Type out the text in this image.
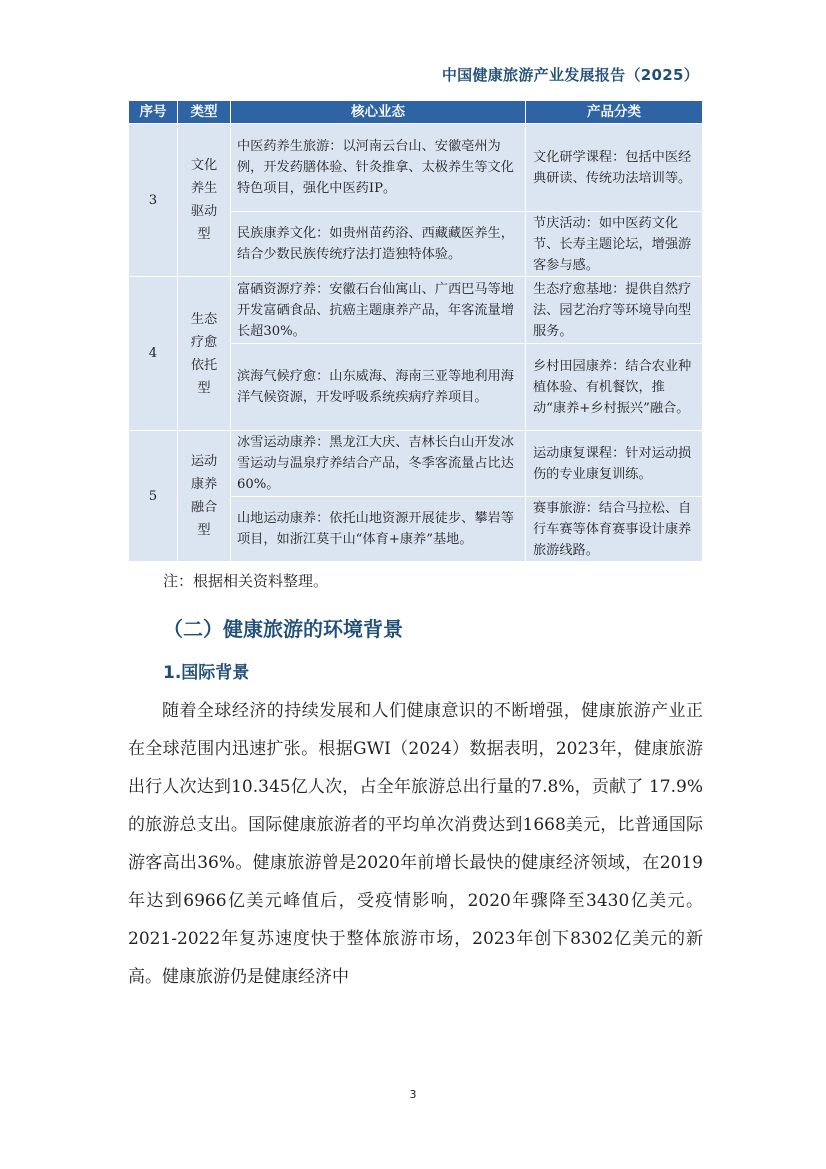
中国健康旅游产业发展报告（2025）
序号	类型	核心业态	产品分类
3	文化养生驱动型	中医药养生旅游：以河南云台山、安徽亳州为例，开发药膳体验、针灸推拿、太极养生等文化特色项目，强化中医药IP。	文化研学课程：包括中医经典研读、传统功法培训等。
		民族康养文化：如贵州苗药浴、西藏藏医养生，结合少数民族传统疗法打造独特体验。	节庆活动：如中医药文化节、长寿主题论坛，增强游客参与感。
4	生态疗愈依托型	富硒资源疗养：安徽石台仙寓山、广西巴马等地开发富硒食品、抗癌主题康养产品，年客流量增长超30%。	生态疗愈基地：提供自然疗法、园艺治疗等环境导向型服务。
		滨海气候疗愈：山东威海、海南三亚等地利用海洋气候资源，开发呼吸系统疾病疗养项目。	乡村田园康养：结合农业种植体验、有机餐饮，推动“康养+乡村振兴”融合。
5	运动康养融合型	冰雪运动康养：黑龙江大庆、吉林长白山开发冰雪运动与温泉疗养结合产品，冬季客流量占比达60%。	运动康复课程：针对运动损伤的专业康复训练。
		山地运动康养：依托山地资源开展徒步、攀岩等项目，如浙江莫干山“体育+康养”基地。	赛事旅游：结合马拉松、自行车赛等体育赛事设计康养旅游线路。
注：根据相关资料整理。
（二）健康旅游的环境背景
1.国际背景

随着全球经济的持续发展和人们健康意识的不断增强，健康旅游产业正在全球范围内迅速扩张。根据GWI（2024）数据表明，2023年，健康旅游出行人次达到10.345亿人次，占全年旅游总出行量的7.8%，贡献了 17.9%的旅游总支出。国际健康旅游者的平均单次消费达到1668美元，比普通国际游客高出36%。健康旅游曾是2020年前增长最快的健康经济领域，在2019年达到6966亿美元峰值后，受疫情影响，2020年骤降至3430亿美元。2021-2022年复苏速度快于整体旅游市场，2023年创下8302亿美元的新高。健康旅游仍是健康经济中

3
